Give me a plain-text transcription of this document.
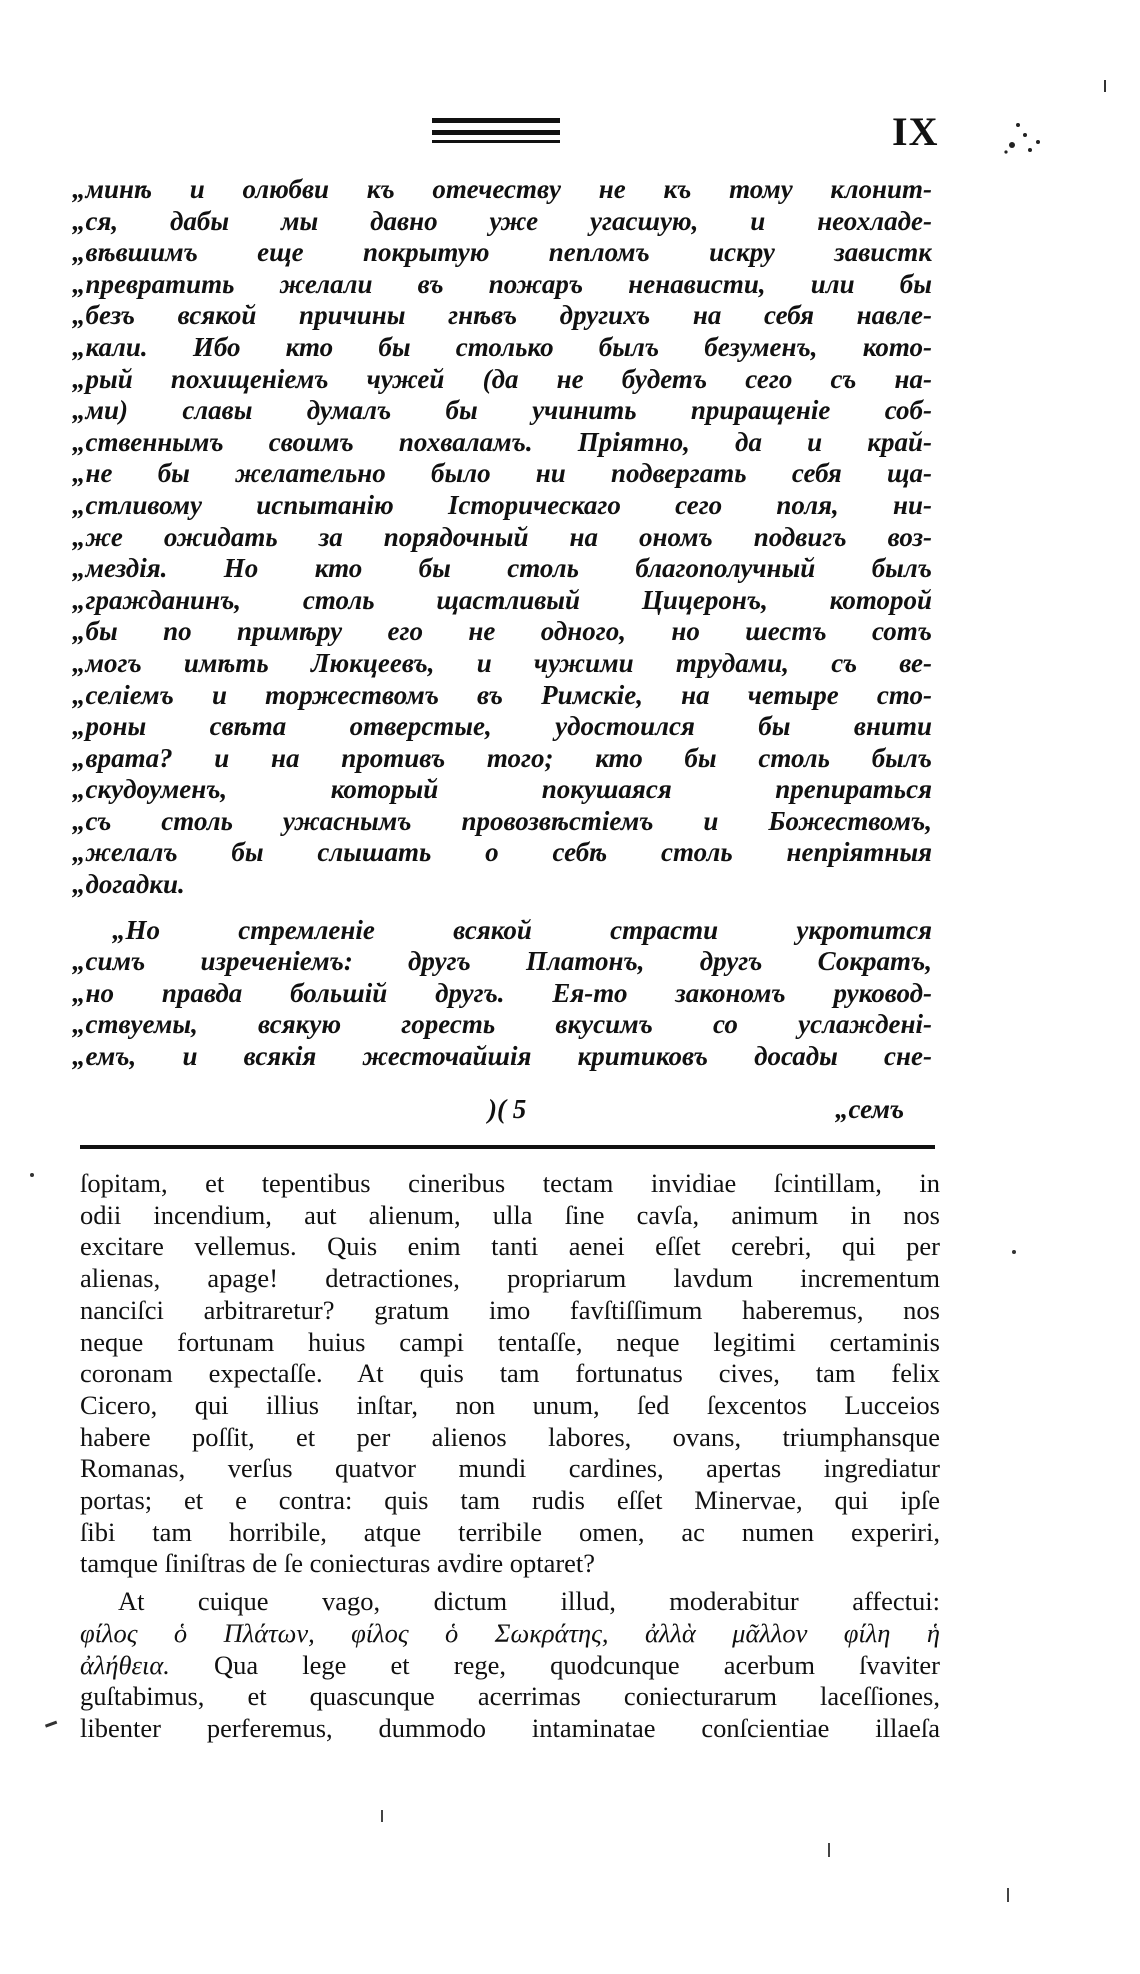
IX
„минѣ и олюбви къ отечеству не къ тому клонит-
„ся, дабы мы давно уже угасшую, и неохладе-
„вѣвшимъ еще покрытую пепломъ искру завистк
„превратить желали въ пожаръ ненависти, или бы
„безъ всякой причины гнѣвъ другихъ на себя навле-
„кали. Ибо кто бы столько былъ безуменъ, кото-
„рый похищеніемъ чужей (да не будетъ сего съ на-
„ми) славы думалъ бы учинить приращеніе соб-
„ственнымъ своимъ похваламъ. Пріятно, да и край-
„не бы желательно было ни подвергать себя ща-
„стливому испытанію Історическаго сего поля, ни-
„же ожидать за порядочный на ономъ подвигъ воз-
„мездія. Но кто бы столь благополучный былъ
„гражданинъ, столь щастливый Цицеронъ, которой
„бы по примѣру его не одного, но шестъ сотъ
„могъ имѣть Люкцеевъ, и чужими трудами, съ ве-
„селіемъ и торжествомъ въ Римскіе, на четыре сто-
„роны свѣта отверстые, удостоился бы внити
„врата? и на противъ того; кто бы столь былъ
„скудоуменъ, который покушаяся препираться
„съ столь ужаснымъ провозвѣстіемъ и Божествомъ,
„желалъ бы слышать о себѣ столь непріятныя
„догадки.
„Но стремленіе всякой страсти укротится
„симъ изреченіемъ: другъ Платонъ, другъ Сократъ,
„но правда большій другъ. Ея-то закономъ руковод-
„ствуемы, всякую горесть вкусимъ со услаждені-
„емъ, и всякія жесточайшія критиковъ досады сне-
)( 5	„семъ
ſopitam, et tepentibus cineribus tectam invidiae ſcintillam, in
odii incendium, aut alienum, ulla ſine cavſa, animum in nos
excitare vellemus. Quis enim tanti aenei eſſet cerebri, qui per
alienas, apage! detractiones, propriarum lavdum incrementum
nanciſci arbitraretur? gratum imo favſtiſſimum haberemus, nos
neque fortunam huius campi tentaſſe, neque legitimi certaminis
coronam expectaſſe. At quis tam fortunatus cives, tam felix
Cicero, qui illius inſtar, non unum, ſed ſexcentos Lucceios
habere poſſit, et per alienos labores, ovans, triumphansque
Romanas, verſus quatvor mundi cardines, apertas ingrediatur
portas; et e contra: quis tam rudis eſſet Minervae, qui ipſe
ſibi tam horribile, atque terribile omen, ac numen experiri,
tamque ſiniſtras de ſe coniecturas avdire optaret?
At cuique vago, dictum illud, moderabitur affectui:
φίλος ὁ Πλάτων, φίλος ὁ Σωκράτης, ἀλλὰ μᾶλλον φίλη ἡ
ἀλήθεια. Qua lege et rege, quodcunque acerbum ſvaviter
guſtabimus, et quascunque acerrimas coniecturarum laceſſiones,
libenter perferemus, dummodo intaminatae conſcientiae illaeſa
